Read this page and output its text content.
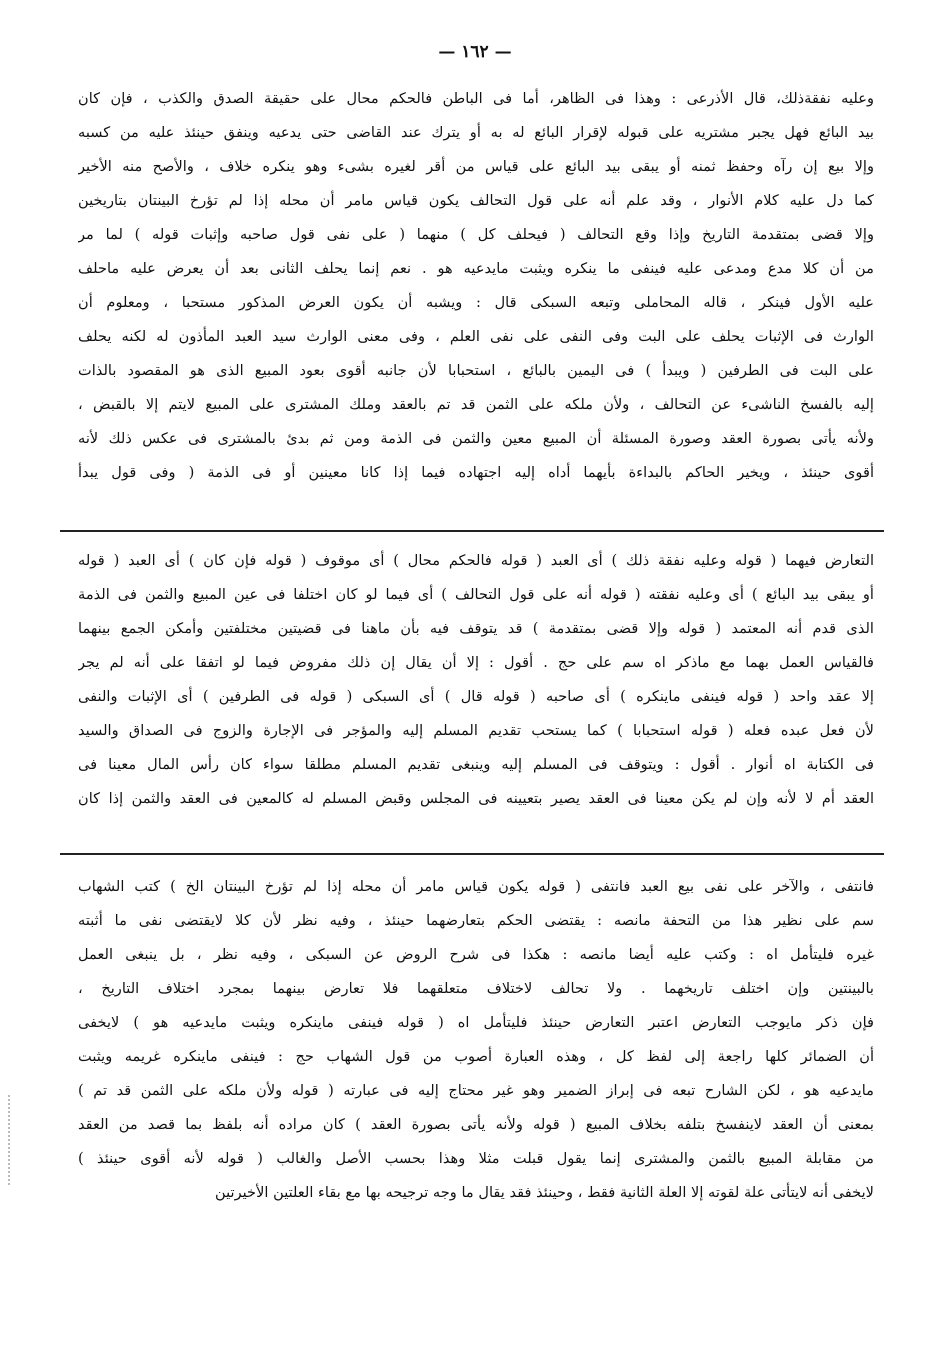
— ١٦٢ —
وعليه نفقةذلك، قال الأذرعى : وهذا فى الظاهر، أما فى الباطن فالحكم محال على حقيقة الصدق والكذب ، فإن كان
بيد البائع فهل يجبر مشتريه على قبوله لإقرار البائع له به أو يترك عند القاضى حتى يدعيه وينفق حينئذ عليه من كسبه
وإلا بيع إن رآه وحفظ ثمنه أو يبقى بيد البائع على قياس من أقر لغيره بشىء وهو ينكره خلاف ، والأصح منه الأخير
كما دل عليه كلام الأنوار ، وقد علم أنه على قول التحالف يكون قياس مامر أن محله إذا لم تؤرخ البينتان بتاريخين
وإلا قضى بمتقدمة التاريخ وإذا وقع التحالف ( فيحلف كل ) منهما ( على نفى قول صاحبه وإثبات قوله ) لما مر
من أن كلا مدع ومدعى عليه فينفى ما ينكره ويثبت مايدعيه هو . نعم إنما يحلف الثانى بعد أن يعرض عليه ماحلف
عليه الأول فينكر ، قاله المحاملى وتبعه السبكى قال : ويشبه أن يكون العرض المذكور مستحبا ، ومعلوم أن
الوارث فى الإثبات يحلف على البت وفى النفى على نفى العلم ، وفى معنى الوارث سيد العبد المأذون له لكنه يحلف
على البت فى الطرفين ( ويبدأ ) فى اليمين بالبائع ، استحبابا لأن جانبه أقوى بعود المبيع الذى هو المقصود بالذات
إليه بالفسخ الناشىء عن التحالف ، ولأن ملكه على الثمن قد تم بالعقد وملك المشترى على المبيع لايتم إلا بالقبض ،
ولأنه يأتى بصورة العقد وصورة المسئلة أن المبيع معين والثمن فى الذمة ومن ثم بدئ بالمشترى فى عكس ذلك لأنه
أقوى حينئذ ، ويخير الحاكم بالبداءة بأيهما أداه إليه اجتهاده فيما إذا كانا معينين أو فى الذمة ( وفى قول يبدأ
التعارض فيهما ( قوله وعليه نفقة ذلك ) أى العبد ( قوله فالحكم محال ) أى موقوف ( قوله فإن كان ) أى العبد ( قوله
أو يبقى بيد البائع ) أى وعليه نفقته ( قوله أنه على قول التحالف ) أى فيما لو كان اختلفا فى عين المبيع والثمن فى الذمة
الذى قدم أنه المعتمد ( قوله وإلا قضى بمتقدمة ) قد يتوقف فيه بأن ماهنا فى قضيتين مختلفتين وأمكن الجمع بينهما
فالقياس العمل بهما مع ماذكر اه سم على حج . أقول : إلا أن يقال إن ذلك مفروض فيما لو اتفقا على أنه لم يجر
إلا عقد واحد ( قوله فينفى ماينكره ) أى صاحبه ( قوله قال ) أى السبكى ( قوله فى الطرفين ) أى الإثبات والنفى
لأن فعل عبده فعله ( قوله استحبابا ) كما يستحب تقديم المسلم إليه والمؤجر فى الإجارة والزوج فى الصداق والسيد
فى الكتابة اه أنوار . أقول : ويتوقف فى المسلم إليه وينبغى تقديم المسلم مطلقا سواء كان رأس المال معينا فى
العقد أم لا لأنه وإن لم يكن معينا فى العقد يصير بتعيينه فى المجلس وقبض المسلم له كالمعين فى العقد والثمن إذا كان
فانتفى ، والآخر على نفى بيع العبد فانتفى ( قوله يكون قياس مامر أن محله إذا لم تؤرخ البينتان الخ ) كتب الشهاب
سم على نظير هذا من التحفة مانصه : يقتضى الحكم بتعارضهما حينئذ ، وفيه نظر لأن كلا لايقتضى نفى ما أثبته
غيره فليتأمل اه : وكتب عليه أيضا مانصه : هكذا فى شرح الروض عن السبكى ، وفيه نظر ، بل ينبغى العمل
بالبينتين وإن اختلف تاريخهما . ولا تحالف لاختلاف متعلقهما فلا تعارض بينهما بمجرد اختلاف التاريخ ،
فإن ذكر مايوجب التعارض اعتبر التعارض حينئذ فليتأمل اه ( قوله فينفى ماينكره ويثبت مايدعيه هو ) لايخفى
أن الضمائر كلها راجعة إلى لفظ كل ، وهذه العبارة أصوب من قول الشهاب حج : فينفى ماينكره غريمه ويثبت
مايدعيه هو ، لكن الشارح تبعه فى إبراز الضمير وهو غير محتاج إليه فى عبارته ( قوله ولأن ملكه على الثمن قد تم )
بمعنى أن العقد لاينفسخ بتلفه بخلاف المبيع ( قوله ولأنه يأتى بصورة العقد ) كان مراده أنه بلفظ بما قصد من العقد
من مقابلة المبيع بالثمن والمشترى إنما يقول قبلت مثلا وهذا بحسب الأصل والغالب ( قوله لأنه أقوى حينئذ )
لايخفى أنه لايتأتى علة لقوته إلا العلة الثانية فقط ، وحينئذ فقد يقال ما وجه ترجيحه بها مع بقاء العلتين الأخيرتين
